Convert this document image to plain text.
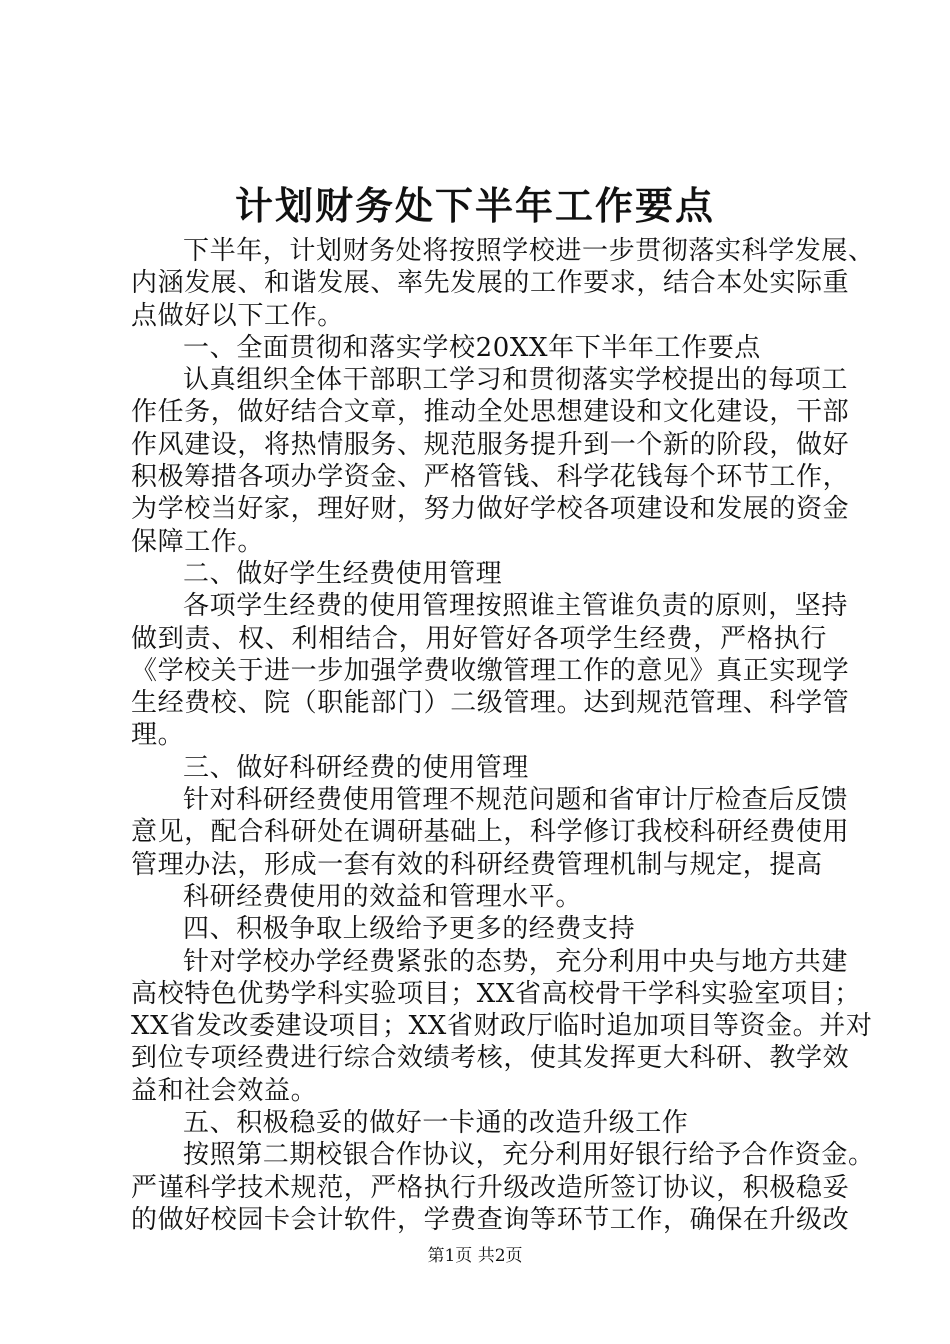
计划财务处下半年工作要点
下半年，计划财务处将按照学校进一步贯彻落实科学发展、
内涵发展、和谐发展、率先发展的工作要求，结合本处实际重
点做好以下工作。
一、全面贯彻和落实学校20XX年下半年工作要点
认真组织全体干部职工学习和贯彻落实学校提出的每项工
作任务，做好结合文章，推动全处思想建设和文化建设，干部
作风建设，将热情服务、规范服务提升到一个新的阶段，做好
积极筹措各项办学资金、严格管钱、科学花钱每个环节工作，
为学校当好家，理好财，努力做好学校各项建设和发展的资金
保障工作。
二、做好学生经费使用管理
各项学生经费的使用管理按照谁主管谁负责的原则，坚持
做到责、权、利相结合，用好管好各项学生经费，严格执行
《学校关于进一步加强学费收缴管理工作的意见》真正实现学
生经费校、院（职能部门）二级管理。达到规范管理、科学管
理。
三、做好科研经费的使用管理
针对科研经费使用管理不规范问题和省审计厅检查后反馈
意见，配合科研处在调研基础上，科学修订我校科研经费使用
管理办法，形成一套有效的科研经费管理机制与规定，提高
科研经费使用的效益和管理水平。
四、积极争取上级给予更多的经费支持
针对学校办学经费紧张的态势，充分利用中央与地方共建
高校特色优势学科实验项目；XX省高校骨干学科实验室项目；
XX省发改委建设项目；XX省财政厅临时追加项目等资金。并对
到位专项经费进行综合效绩考核，使其发挥更大科研、教学效
益和社会效益。
五、积极稳妥的做好一卡通的改造升级工作
按照第二期校银合作协议，充分利用好银行给予合作资金。
严谨科学技术规范，严格执行升级改造所签订协议，积极稳妥
的做好校园卡会计软件，学费查询等环节工作，确保在升级改
第1页 共2页
